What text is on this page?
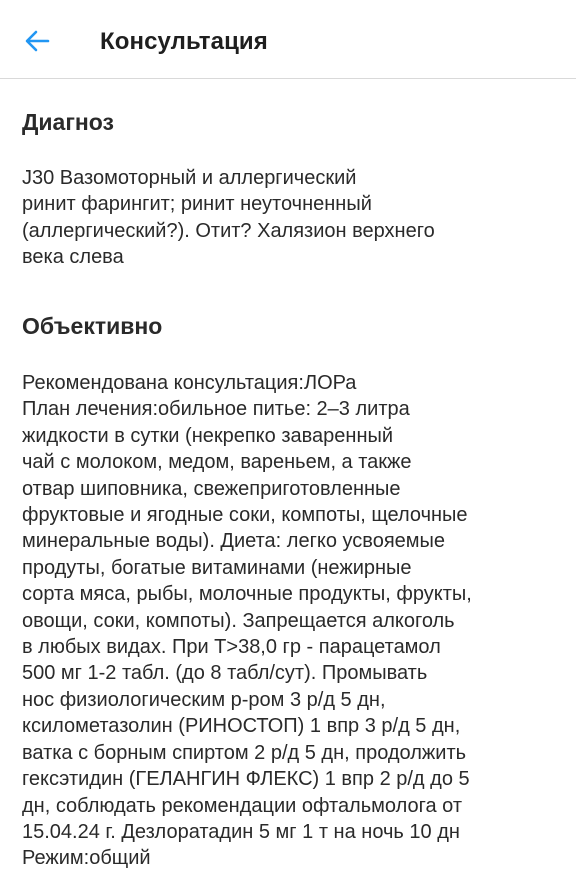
Консультация
Диагноз
J30 Вазомоторный и аллергический
ринит фарингит; ринит неуточненный
(аллергический?). Отит? Халязион верхнего
века слева
Объективно
Рекомендована консультация:ЛОРа
План лечения:обильное питье: 2–3 литра
жидкости в сутки (некрепко заваренный
чай с молоком, медом, вареньем, а также
отвар шиповника, свежеприготовленные
фруктовые и ягодные соки, компоты, щелочные
минеральные воды). Диета: легко усвояемые
продуты, богатые витаминами (нежирные
сорта мяса, рыбы, молочные продукты, фрукты,
овощи, соки, компоты). Запрещается алкоголь
в любых видах. При Т>38,0 гр - парацетамол
500 мг 1-2 табл. (до 8 табл/сут). Промывать
нос физиологическим р-ром 3 р/д 5 дн,
ксилометазолин (РИНОСТОП) 1 впр 3 р/д 5 дн,
ватка с борным спиртом 2 р/д 5 дн, продолжить
гексэтидин (ГЕЛАНГИН ФЛЕКС) 1 впр 2 р/д до 5
дн, соблюдать рекомендации офтальмолога от
15.04.24 г. Дезлоратадин 5 мг 1 т на ночь 10 дн
Режим:общий
